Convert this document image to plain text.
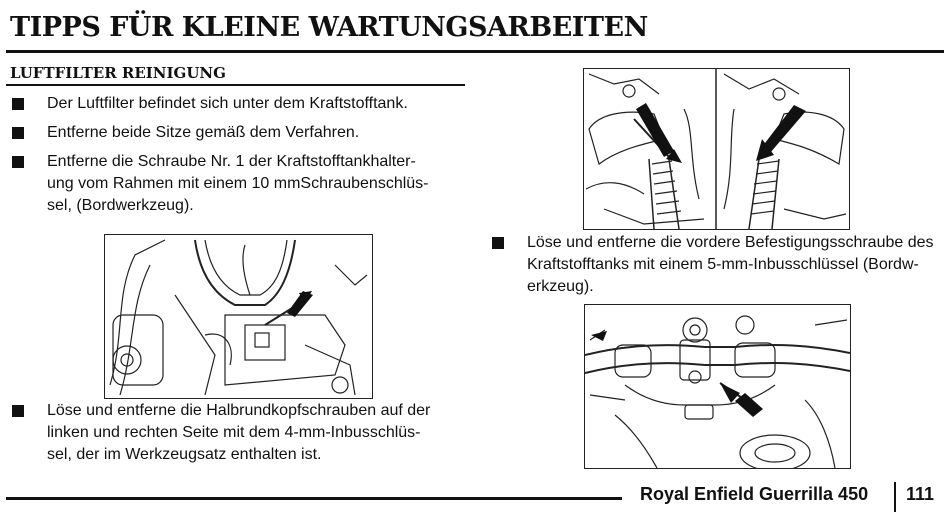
TIPPS FÜR KLEINE WARTUNGSARBEITEN
LUFTFILTER REINIGUNG
Der Luftfilter befindet sich unter dem Kraftstofftank.
Entferne beide Sitze gemäß dem Verfahren.
Entferne die Schraube Nr. 1 der Kraftstofftankhalter-
ung vom Rahmen mit einem 10 mmSchraubenschlüs-
sel, (Bordwerkzeug).
Löse und entferne die Halbrundkopfschrauben auf der
linken und rechten Seite mit dem 4-mm-Inbusschlüs-
sel, der im Werkzeugsatz enthalten ist.
Löse und entferne die vordere Befestigungsschraube des
Kraftstofftanks mit einem 5-mm-Inbusschlüssel (Bordw-
erkzeug).
Royal Enfield Guerrilla 450 111
